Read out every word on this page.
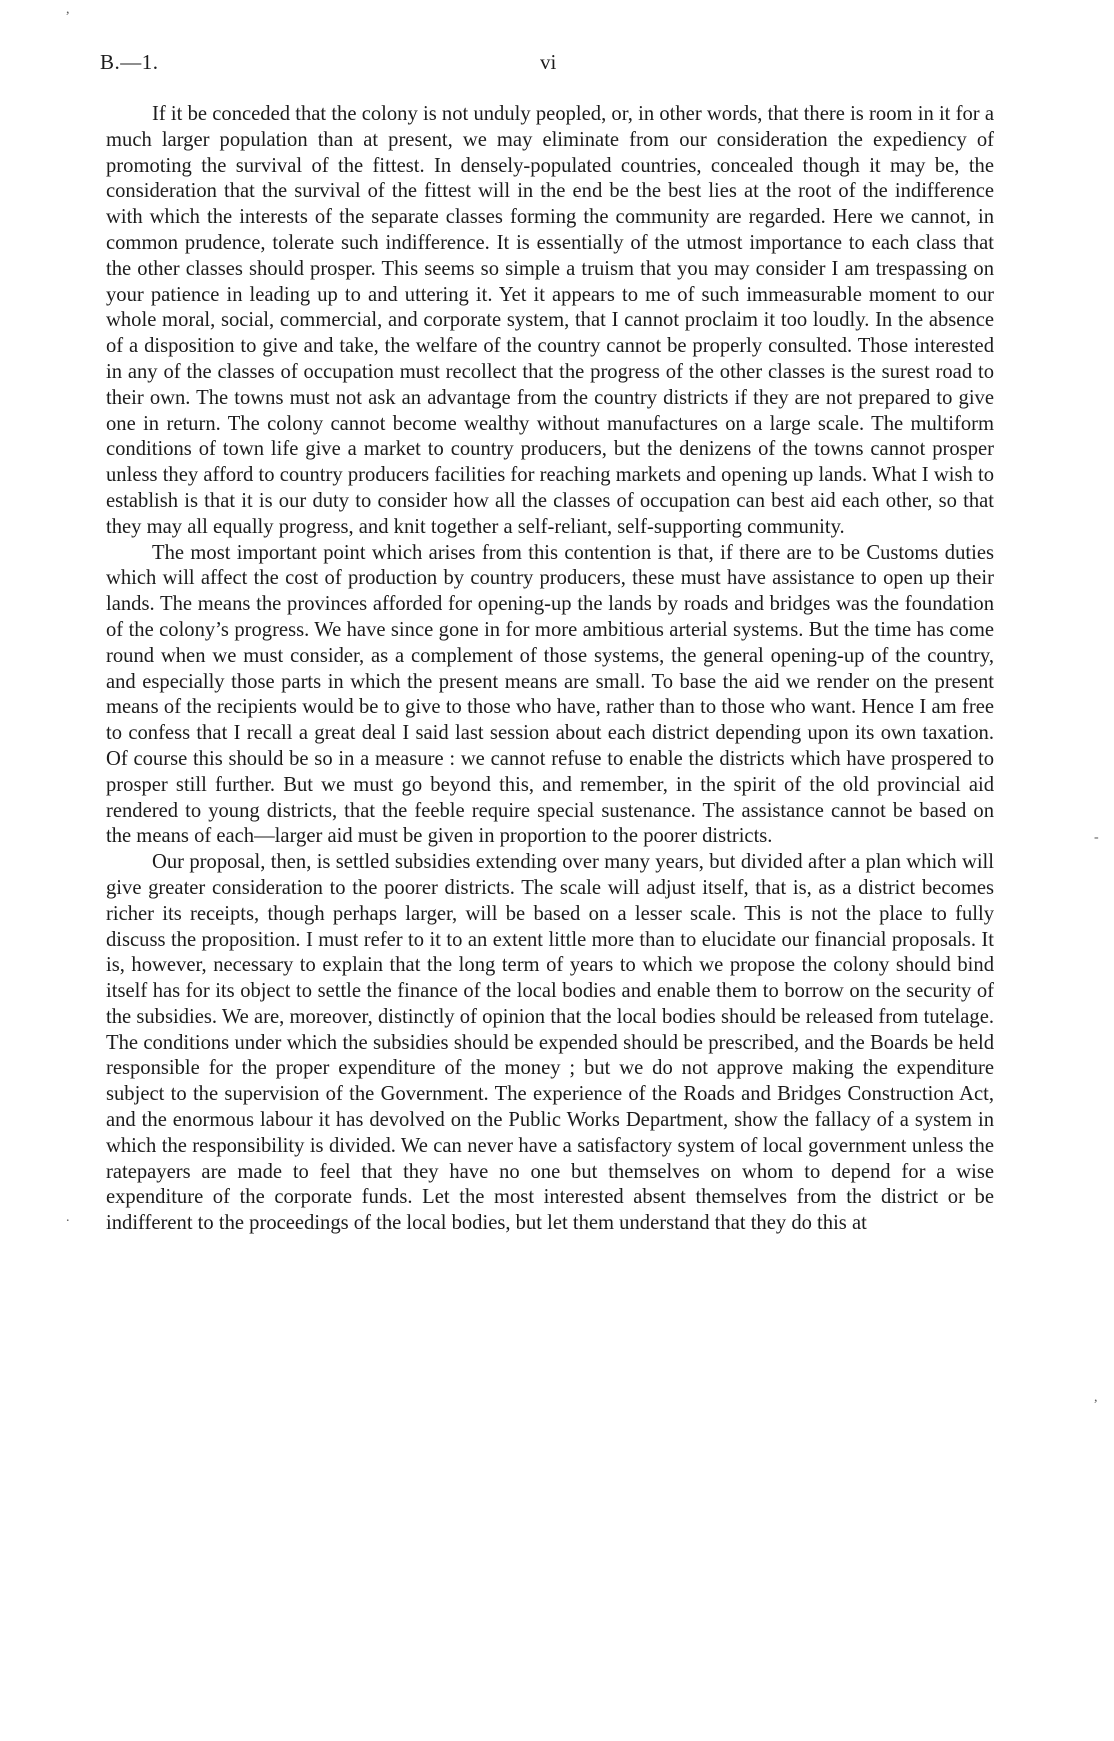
,
-
.
,
B.—1.	vi

If it be conceded that the colony is not unduly peopled, or, in other words, that there is room in it for a much larger population than at present, we may eliminate from our consideration the expediency of promoting the survival of the fittest. In densely-populated countries, concealed though it may be, the consideration that the survival of the fittest will in the end be the best lies at the root of the indifference with which the interests of the separate classes forming the community are regarded. Here we cannot, in common prudence, tolerate such indifference. It is essentially of the utmost importance to each class that the other classes should prosper. This seems so simple a truism that you may consider I am trespassing on your patience in leading up to and uttering it. Yet it appears to me of such immeasurable moment to our whole moral, social, commercial, and corporate system, that I cannot proclaim it too loudly. In the absence of a disposition to give and take, the welfare of the country cannot be properly consulted. Those interested in any of the classes of occupation must recollect that the progress of the other classes is the surest road to their own. The towns must not ask an advantage from the country districts if they are not prepared to give one in return. The colony cannot become wealthy without manufactures on a large scale. The multiform conditions of town life give a market to country producers, but the denizens of the towns cannot prosper unless they afford to country producers facilities for reaching markets and opening up lands. What I wish to establish is that it is our duty to consider how all the classes of occupation can best aid each other, so that they may all equally progress, and knit together a self-reliant, self-supporting community.

The most important point which arises from this contention is that, if there are to be Customs duties which will affect the cost of production by country producers, these must have assistance to open up their lands. The means the provinces afforded for opening-up the lands by roads and bridges was the foundation of the colony’s progress. We have since gone in for more ambitious arterial systems. But the time has come round when we must consider, as a complement of those systems, the general opening-up of the country, and especially those parts in which the present means are small. To base the aid we render on the present means of the recipients would be to give to those who have, rather than to those who want. Hence I am free to confess that I recall a great deal I said last session about each district depending upon its own taxation. Of course this should be so in a measure : we cannot refuse to enable the districts which have prospered to prosper still further. But we must go beyond this, and remember, in the spirit of the old provincial aid rendered to young districts, that the feeble require special sustenance. The assistance cannot be based on the means of each—larger aid must be given in proportion to the poorer districts.

Our proposal, then, is settled subsidies extending over many years, but divided after a plan which will give greater consideration to the poorer districts. The scale will adjust itself, that is, as a district becomes richer its receipts, though perhaps larger, will be based on a lesser scale. This is not the place to fully discuss the proposition. I must refer to it to an extent little more than to elucidate our financial proposals. It is, however, necessary to explain that the long term of years to which we propose the colony should bind itself has for its object to settle the finance of the local bodies and enable them to borrow on the security of the subsidies. We are, moreover, distinctly of opinion that the local bodies should be released from tutelage. The conditions under which the subsidies should be expended should be prescribed, and the Boards be held responsible for the proper expenditure of the money ; but we do not approve making the expenditure subject to the supervision of the Government. The experience of the Roads and Bridges Construction Act, and the enormous labour it has devolved on the Public Works Department, show the fallacy of a system in which the responsibility is divided. We can never have a satisfactory system of local government unless the ratepayers are made to feel that they have no one but themselves on whom to depend for a wise expenditure of the corporate funds. Let the most interested absent themselves from the district or be indifferent to the proceedings of the local bodies, but let them understand that they do this at
